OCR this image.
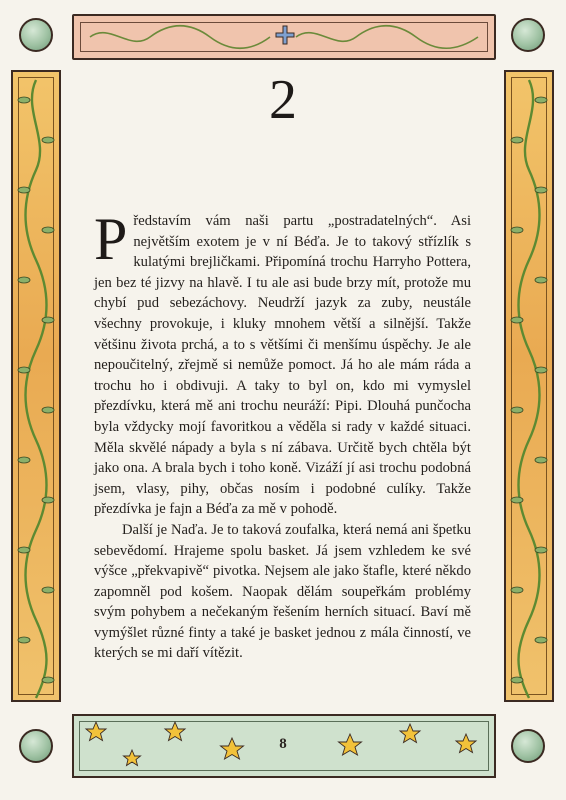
2

Představím vám naši partu „postradatelných“. Asi největším exotem je v ní Béďa. Je to takový střízlík s kulatými brejličkami. Připomíná trochu Harryho Pottera, jen bez té jizvy na hlavě. I tu ale asi bude brzy mít, protože mu chybí pud sebezáchovy. Neudrží jazyk za zuby, neustále všechny provokuje, i kluky mnohem větší a silnější. Takže většinu života prchá, a to s většími či menšímu úspěchy. Je ale nepoučitelný, zřejmě si nemůže pomoct. Já ho ale mám ráda a trochu ho i obdivuji. A taky to byl on, kdo mi vymyslel přezdívku, která mě ani trochu neuráží: Pipi. Dlouhá punčocha byla vždycky mojí favoritkou a věděla si rady v každé situaci. Měla skvělé nápady a byla s ní zábava. Určitě bych chtěla být jako ona. A brala bych i toho koně. Vizáží jí asi trochu podobná jsem, vlasy, pihy, občas nosím i podobné culíky. Takže přezdívka je fajn a Béďa za mě v pohodě.

Další je Naďa. Je to taková zoufalka, která nemá ani špetku sebevědomí. Hrajeme spolu basket. Já jsem vzhledem ke své výšce „překvapivě“ pivotka. Nejsem ale jako štafle, které někdo zapomněl pod košem. Naopak dělám soupeřkám problémy svým pohybem a nečekaným řešením herních situací. Baví mě vymýšlet různé finty a také je basket jednou z mála činností, ve kterých se mi daří vítězit.

8
